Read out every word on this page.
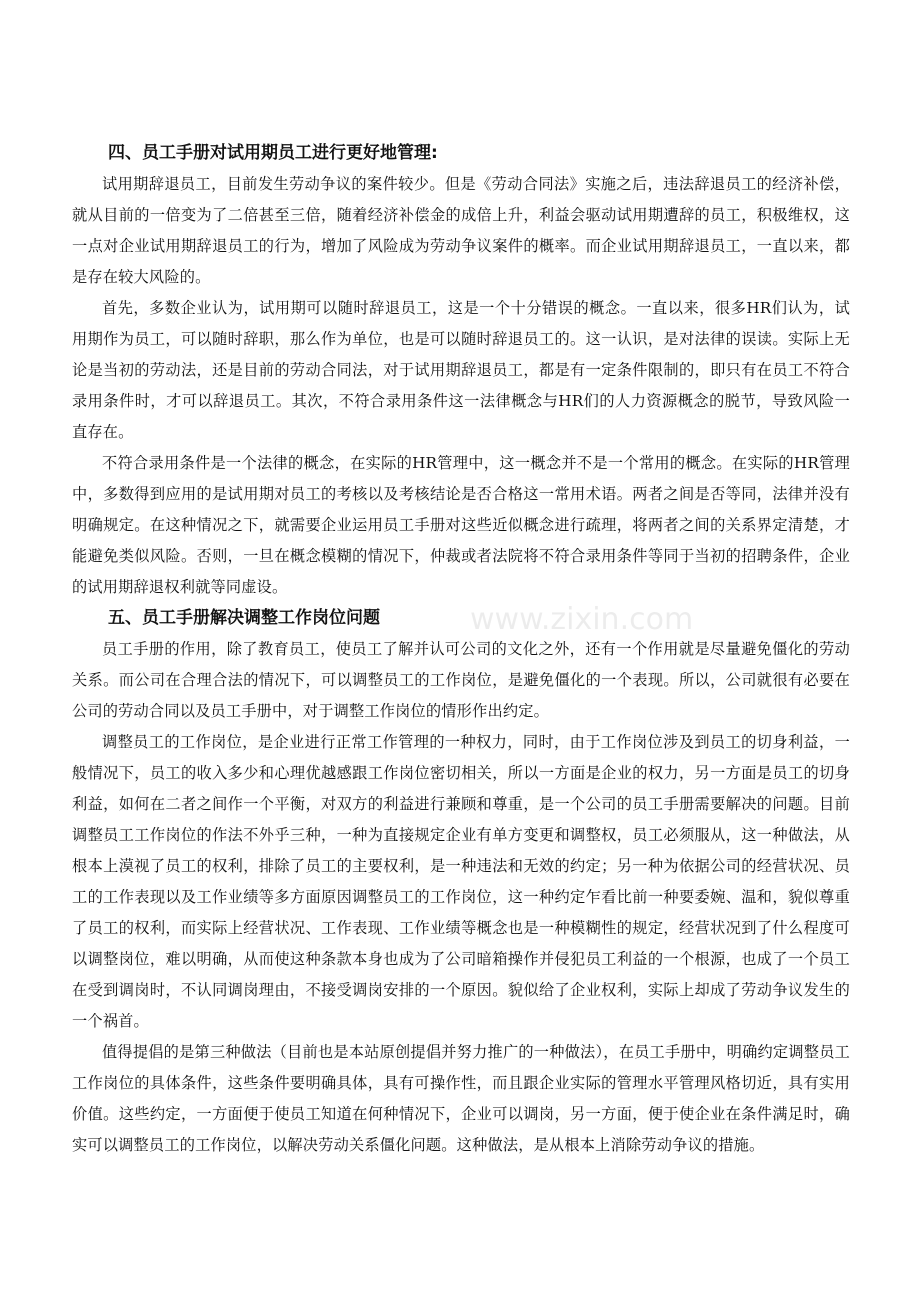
www.zixin.com
四、员工手册对试用期员工进行更好地管理:

试用期辞退员工，目前发生劳动争议的案件较少。但是《劳动合同法》实施之后，违法辞退员工的经济补偿，就从目前的一倍变为了二倍甚至三倍，随着经济补偿金的成倍上升，利益会驱动试用期遭辞的员工，积极维权，这一点对企业试用期辞退员工的行为，增加了风险成为劳动争议案件的概率。而企业试用期辞退员工，一直以来，都是存在较大风险的。

首先，多数企业认为，试用期可以随时辞退员工，这是一个十分错误的概念。一直以来，很多HR们认为，试用期作为员工，可以随时辞职，那么作为单位，也是可以随时辞退员工的。这一认识，是对法律的误读。实际上无论是当初的劳动法，还是目前的劳动合同法，对于试用期辞退员工，都是有一定条件限制的，即只有在员工不符合录用条件时，才可以辞退员工。其次，不符合录用条件这一法律概念与HR们的人力资源概念的脱节，导致风险一直存在。

不符合录用条件是一个法律的概念，在实际的HR管理中，这一概念并不是一个常用的概念。在实际的HR管理中，多数得到应用的是试用期对员工的考核以及考核结论是否合格这一常用术语。两者之间是否等同，法律并没有明确规定。在这种情况之下，就需要企业运用员工手册对这些近似概念进行疏理，将两者之间的关系界定清楚，才能避免类似风险。否则，一旦在概念模糊的情况下，仲裁或者法院将不符合录用条件等同于当初的招聘条件，企业的试用期辞退权利就等同虚设。

五、员工手册解决调整工作岗位问题

员工手册的作用，除了教育员工，使员工了解并认可公司的文化之外，还有一个作用就是尽量避免僵化的劳动关系。而公司在合理合法的情况下，可以调整员工的工作岗位，是避免僵化的一个表现。所以，公司就很有必要在公司的劳动合同以及员工手册中，对于调整工作岗位的情形作出约定。

调整员工的工作岗位，是企业进行正常工作管理的一种权力，同时，由于工作岗位涉及到员工的切身利益，一般情况下，员工的收入多少和心理优越感跟工作岗位密切相关，所以一方面是企业的权力，另一方面是员工的切身利益，如何在二者之间作一个平衡，对双方的利益进行兼顾和尊重，是一个公司的员工手册需要解决的问题。目前调整员工工作岗位的作法不外乎三种，一种为直接规定企业有单方变更和调整权，员工必须服从，这一种做法，从根本上漠视了员工的权利，排除了员工的主要权利，是一种违法和无效的约定；另一种为依据公司的经营状况、员工的工作表现以及工作业绩等多方面原因调整员工的工作岗位，这一种约定乍看比前一种要委婉、温和，貌似尊重了员工的权利，而实际上经营状况、工作表现、工作业绩等概念也是一种模糊性的规定，经营状况到了什么程度可以调整岗位，难以明确，从而使这种条款本身也成为了公司暗箱操作并侵犯员工利益的一个根源，也成了一个员工在受到调岗时，不认同调岗理由，不接受调岗安排的一个原因。貌似给了企业权利，实际上却成了劳动争议发生的一个祸首。

值得提倡的是第三种做法（目前也是本站原创提倡并努力推广的一种做法），在员工手册中，明确约定调整员工工作岗位的具体条件，这些条件要明确具体，具有可操作性，而且跟企业实际的管理水平管理风格切近，具有实用价值。这些约定，一方面便于使员工知道在何种情况下，企业可以调岗，另一方面，便于使企业在条件满足时，确实可以调整员工的工作岗位，以解决劳动关系僵化问题。这种做法，是从根本上消除劳动争议的措施。
